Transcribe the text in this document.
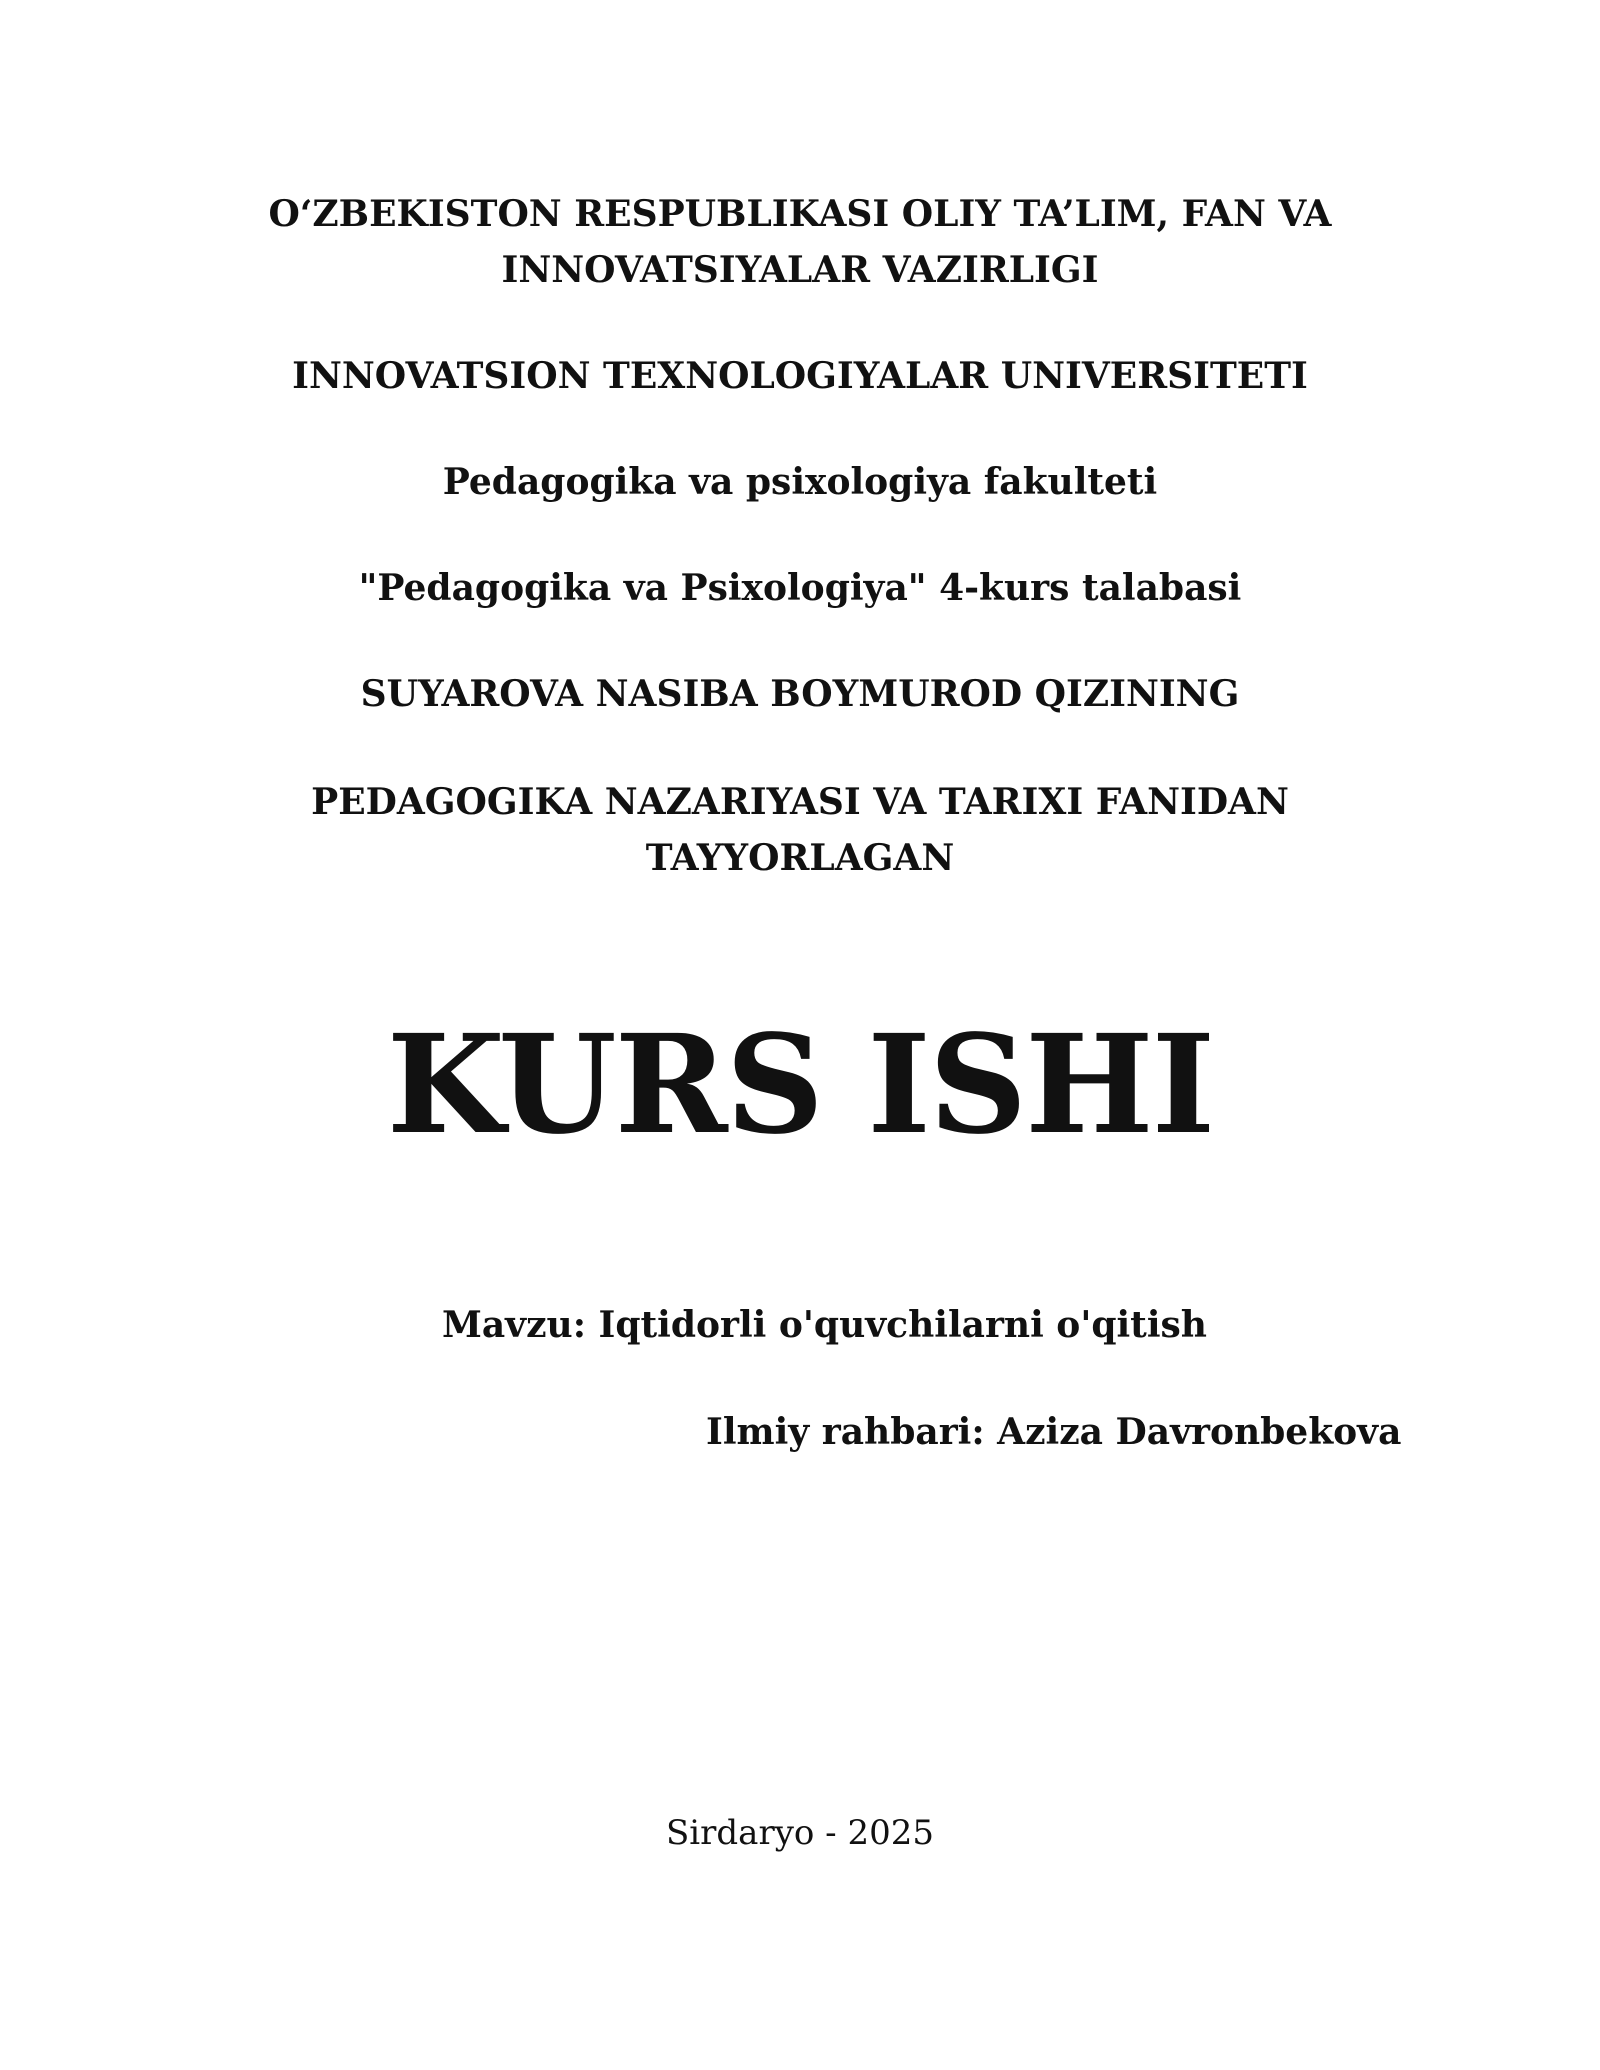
O‘ZBEKISTON RESPUBLIKASI OLIY TA’LIM, FAN VA
INNOVATSIYALAR VAZIRLIGI
INNOVATSION TEXNOLOGIYALAR UNIVERSITETI
Pedagogika va psixologiya fakulteti
"Pedagogika va Psixologiya" 4-kurs talabasi
SUYAROVA NASIBA BOYMUROD QIZINING
PEDAGOGIKA NAZARIYASI VA TARIXI FANIDAN
TAYYORLAGAN
KURS ISHI
Mavzu: Iqtidorli o'quvchilarni o'qitish
Ilmiy rahbari: Aziza Davronbekova
Sirdaryo - 2025
